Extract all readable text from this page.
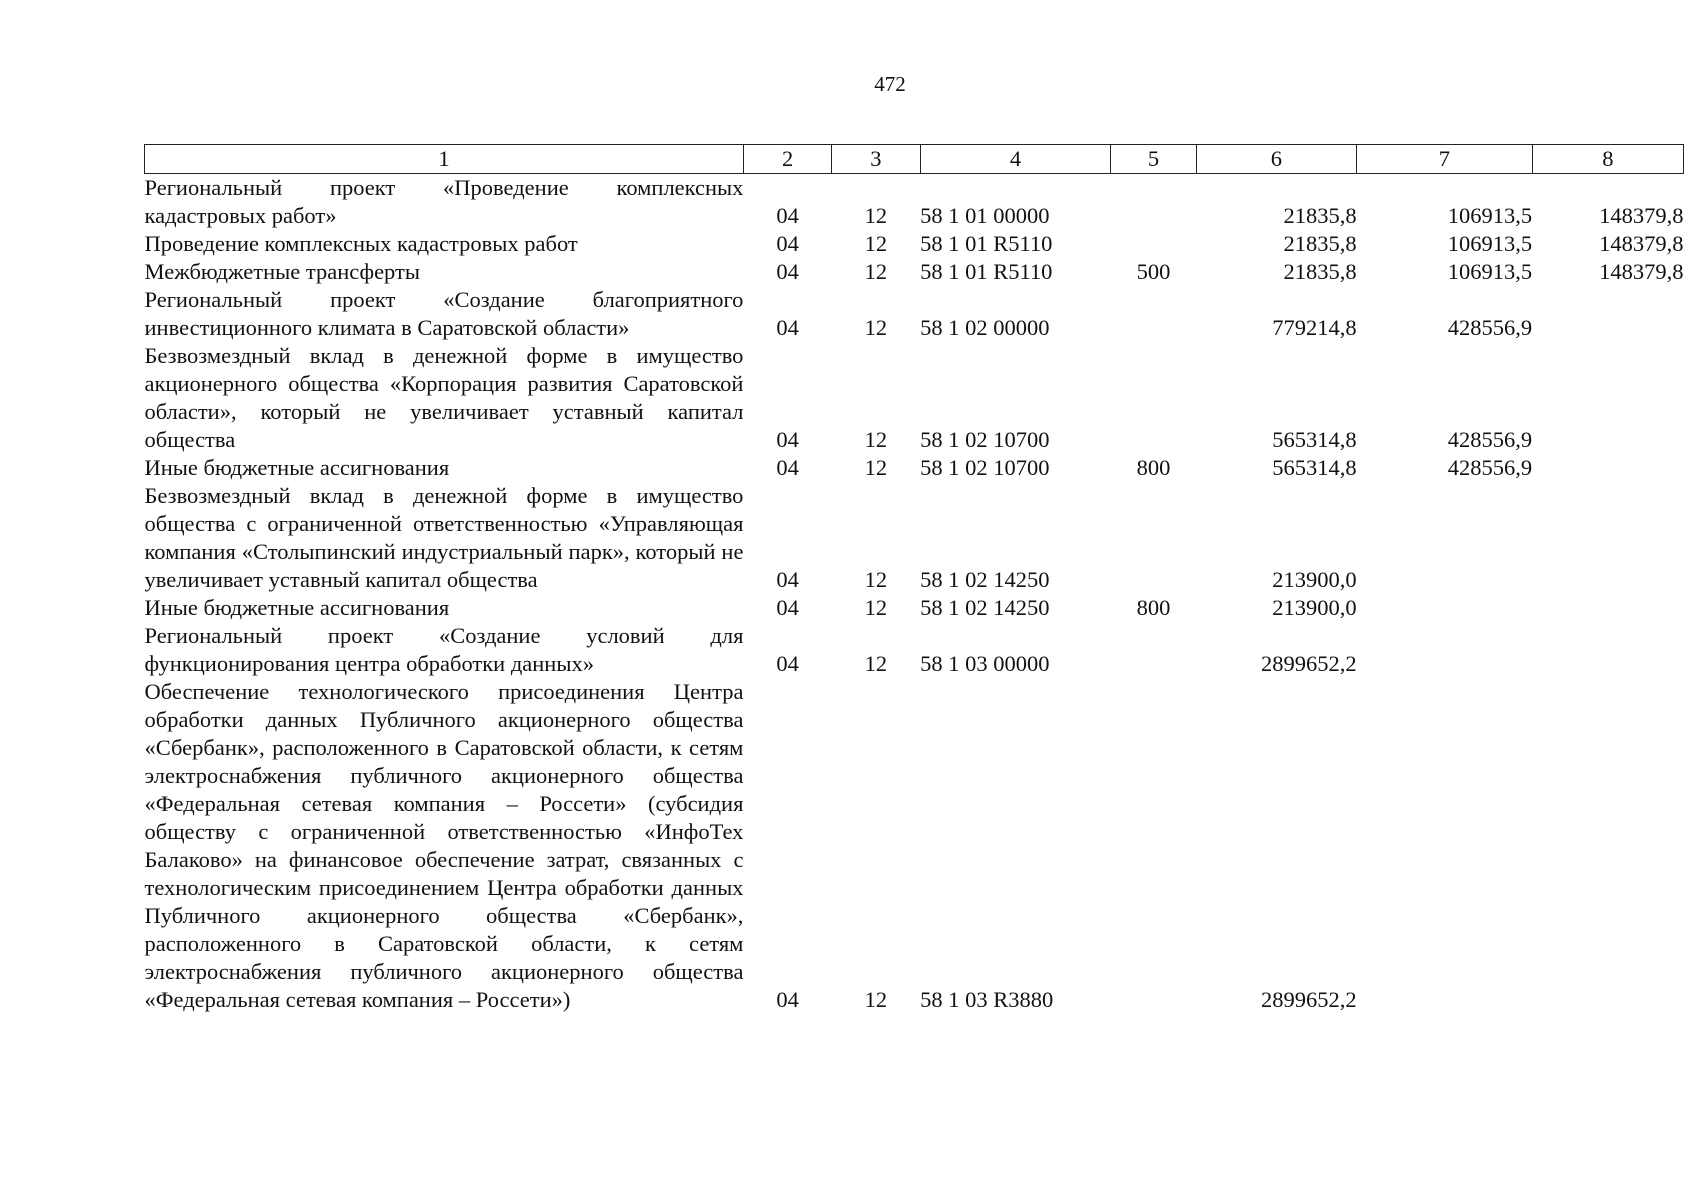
472
1	2	3	4	5	6	7	8
Региональный проект «Проведение комплексных кадастровых работ»	04	12	58 1 01 00000		21835,8	106913,5	148379,8
Проведение комплексных кадастровых работ	04	12	58 1 01 R5110		21835,8	106913,5	148379,8
Межбюджетные трансферты	04	12	58 1 01 R5110	500	21835,8	106913,5	148379,8
Региональный проект «Создание благоприятного инвестиционного климата в Саратовской области»	04	12	58 1 02 00000		779214,8	428556,9	
Безвозмездный вклад в денежной форме в имущество акционерного общества «Корпорация развития Саратовской области», который не увеличивает уставный капитал общества	04	12	58 1 02 10700		565314,8	428556,9	
Иные бюджетные ассигнования	04	12	58 1 02 10700	800	565314,8	428556,9	
Безвозмездный вклад в денежной форме в имущество общества с ограниченной ответственностью «Управляющая компания «Столыпинский индустриальный парк», который не увеличивает уставный капитал общества	04	12	58 1 02 14250		213900,0		
Иные бюджетные ассигнования	04	12	58 1 02 14250	800	213900,0		
Региональный проект «Создание условий для функционирования центра обработки данных»	04	12	58 1 03 00000		2899652,2		
Обеспечение технологического присоединения Центра обработки данных Публичного акционерного общества «Сбербанк», расположенного в Саратовской области, к сетям электроснабжения публичного акционерного общества «Федеральная сетевая компания – Россети» (субсидия обществу с ограниченной ответственностью «ИнфоТех Балаково» на финансовое обеспечение затрат, связанных с технологическим присоединением Центра обработки данных Публичного акционерного общества «Сбербанк», расположенного в Саратовской области, к сетям электроснабжения публичного акционерного общества «Федеральная сетевая компания – Россети»)	04	12	58 1 03 R3880		2899652,2		
